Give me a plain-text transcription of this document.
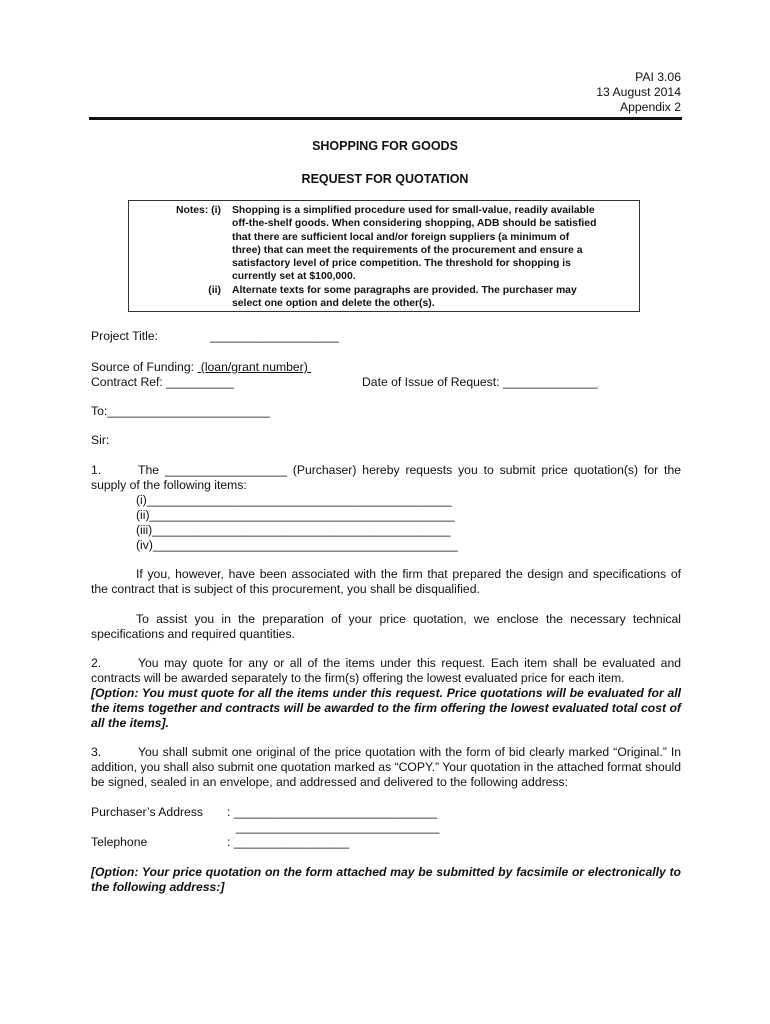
PAI 3.06
13 August 2014
Appendix 2
SHOPPING FOR GOODS
REQUEST FOR QUOTATION
Notes: (i) Shopping is a simplified procedure used for small-value, readily available
off-the-shelf goods. When considering shopping, ADB should be satisfied
that there are sufficient local and/or foreign suppliers (a minimum of
three) that can meet the requirements of the procurement and ensure a
satisfactory level of price competition. The threshold for shopping is
currently set at $100,000.
(ii) Alternate texts for some paragraphs are provided. The purchaser may
select one option and delete the other(s).
Project Title:	___________________
Source of Funding: (loan/grant number)
Contract Ref: __________	Date of Issue of Request: ______________
To:________________________
Sir:
1.	The __________________ (Purchaser) hereby requests you to submit price quotation(s) for the
supply of the following items:
(i)_____________________________________________
(ii)_____________________________________________
(iii)____________________________________________
(iv)_____________________________________________
If you, however, have been associated with the firm that prepared the design and specifications of the contract that is subject of this procurement, you shall be disqualified.
To assist you in the preparation of your price quotation, we enclose the necessary technical specifications and required quantities.
2.	You may quote for any or all of the items under this request. Each item shall be evaluated and contracts will be awarded separately to the firm(s) offering the lowest evaluated price for each item.
[Option: You must quote for all the items under this request. Price quotations will be evaluated for all the items together and contracts will be awarded to the firm offering the lowest evaluated total cost of all the items].
3.	You shall submit one original of the price quotation with the form of bid clearly marked “Original.” In addition, you shall also submit one quotation marked as “COPY.” Your quotation in the attached format should be signed, sealed in an envelope, and addressed and delivered to the following address:
Purchaser’s Address : ______________________________
______________________________
Telephone	: _________________
[Option: Your price quotation on the form attached may be submitted by facsimile or electronically to the following address:]
